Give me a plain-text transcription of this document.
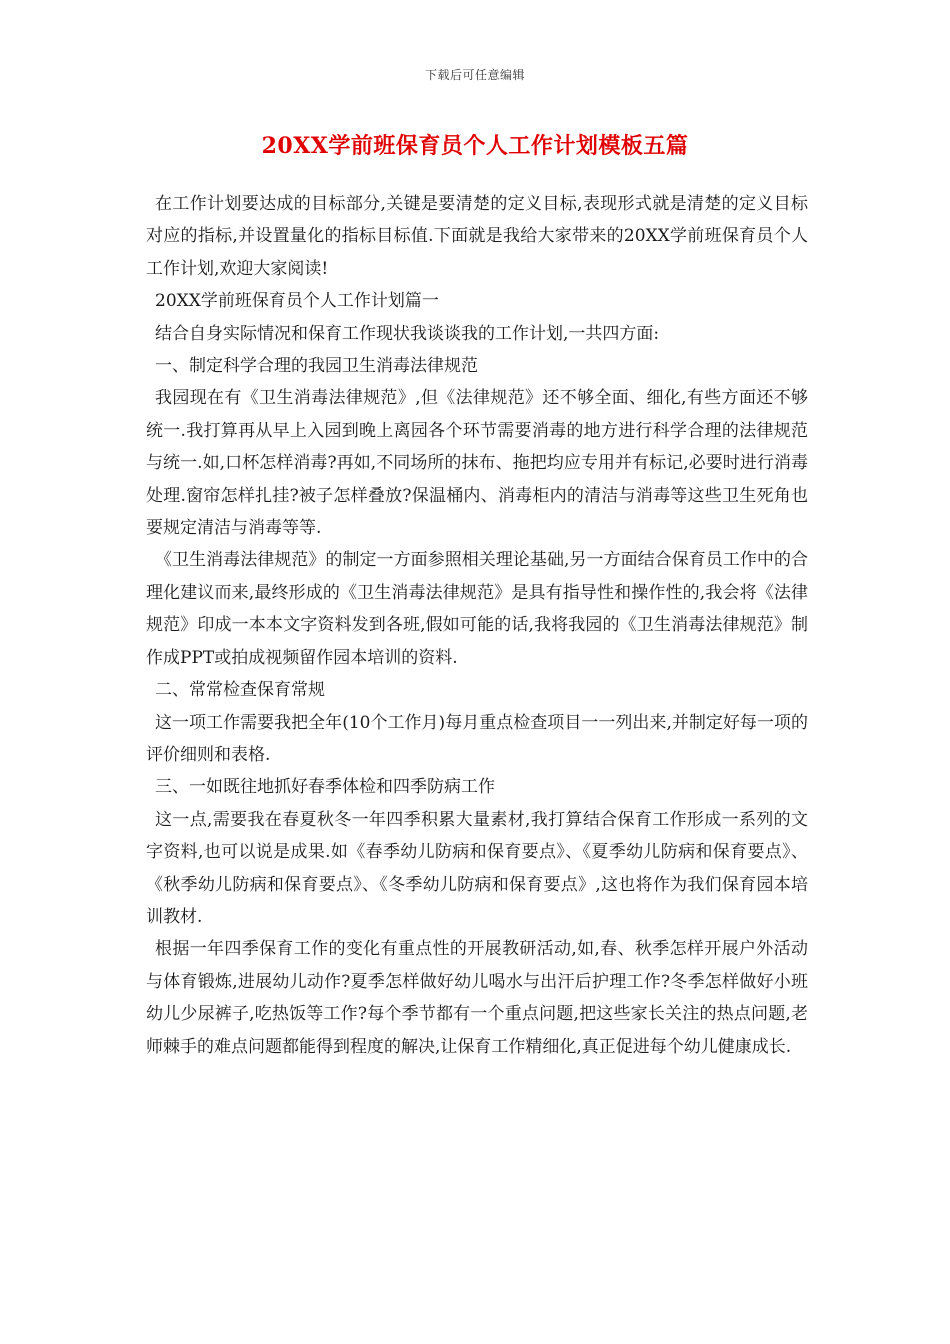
下载后可任意编辑
20XX学前班保育员个人工作计划模板五篇

在工作计划要达成的目标部分,关键是要清楚的定义目标,表现形式就是清楚的定义目标对应的指标,并设置量化的指标目标值.下面就是我给大家带来的20XX学前班保育员个人工作计划,欢迎大家阅读!

20XX学前班保育员个人工作计划篇一

结合自身实际情况和保育工作现状我谈谈我的工作计划,一共四方面:

一、制定科学合理的我园卫生消毒法律规范

我园现在有《卫生消毒法律规范》,但《法律规范》还不够全面、细化,有些方面还不够统一.我打算再从早上入园到晚上离园各个环节需要消毒的地方进行科学合理的法律规范与统一.如,口杯怎样消毒?再如,不同场所的抹布、拖把均应专用并有标记,必要时进行消毒处理.窗帘怎样扎挂?被子怎样叠放?保温桶内、消毒柜内的清洁与消毒等这些卫生死角也要规定清洁与消毒等等.

《卫生消毒法律规范》的制定一方面参照相关理论基础,另一方面结合保育员工作中的合理化建议而来,最终形成的《卫生消毒法律规范》是具有指导性和操作性的,我会将《法律规范》印成一本本文字资料发到各班,假如可能的话,我将我园的《卫生消毒法律规范》制作成PPT或拍成视频留作园本培训的资料.

二、常常检查保育常规

这一项工作需要我把全年(10个工作月)每月重点检查项目一一列出来,并制定好每一项的评价细则和表格.

三、一如既往地抓好春季体检和四季防病工作

这一点,需要我在春夏秋冬一年四季积累大量素材,我打算结合保育工作形成一系列的文字资料,也可以说是成果.如《春季幼儿防病和保育要点》、《夏季幼儿防病和保育要点》、《秋季幼儿防病和保育要点》、《冬季幼儿防病和保育要点》,这也将作为我们保育园本培训教材.

根据一年四季保育工作的变化有重点性的开展教研活动,如,春、秋季怎样开展户外活动与体育锻炼,进展幼儿动作?夏季怎样做好幼儿喝水与出汗后护理工作?冬季怎样做好小班幼儿少尿裤子,吃热饭等工作?每个季节都有一个重点问题,把这些家长关注的热点问题,老师棘手的难点问题都能得到程度的解决,让保育工作精细化,真正促进每个幼儿健康成长.
